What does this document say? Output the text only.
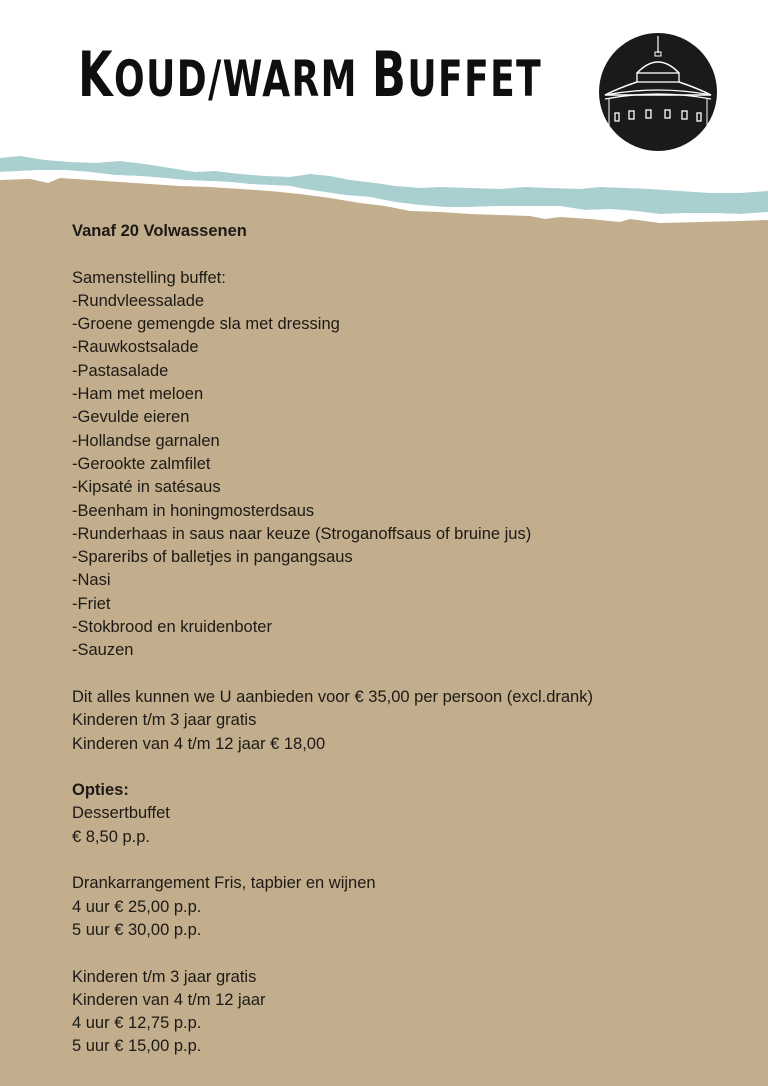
KOUD/WARM BUFFET
Vanaf 20 Volwassenen
Samenstelling buffet:
-Rundvleessalade
-Groene gemengde sla met dressing
-Rauwkostsalade
-Pastasalade
-Ham met meloen
-Gevulde eieren
-Hollandse garnalen
-Gerookte zalmfilet
-Kipsaté in satésaus
-Beenham in honingmosterdsaus
-Runderhaas in saus naar keuze (Stroganoffsaus of bruine jus)
-Spareribs of balletjes in pangangsaus
-Nasi
-Friet
-Stokbrood en kruidenboter
-Sauzen
Dit alles kunnen we U aanbieden voor € 35,00 per persoon (excl.drank)
Kinderen t/m 3 jaar gratis
Kinderen van 4 t/m 12 jaar € 18,00
Opties:
Dessertbuffet
€ 8,50 p.p.
Drankarrangement Fris, tapbier en wijnen
4 uur € 25,00 p.p.
5 uur € 30,00 p.p.
Kinderen t/m 3 jaar gratis
Kinderen van 4 t/m 12 jaar
4 uur € 12,75 p.p.
5 uur € 15,00 p.p.
